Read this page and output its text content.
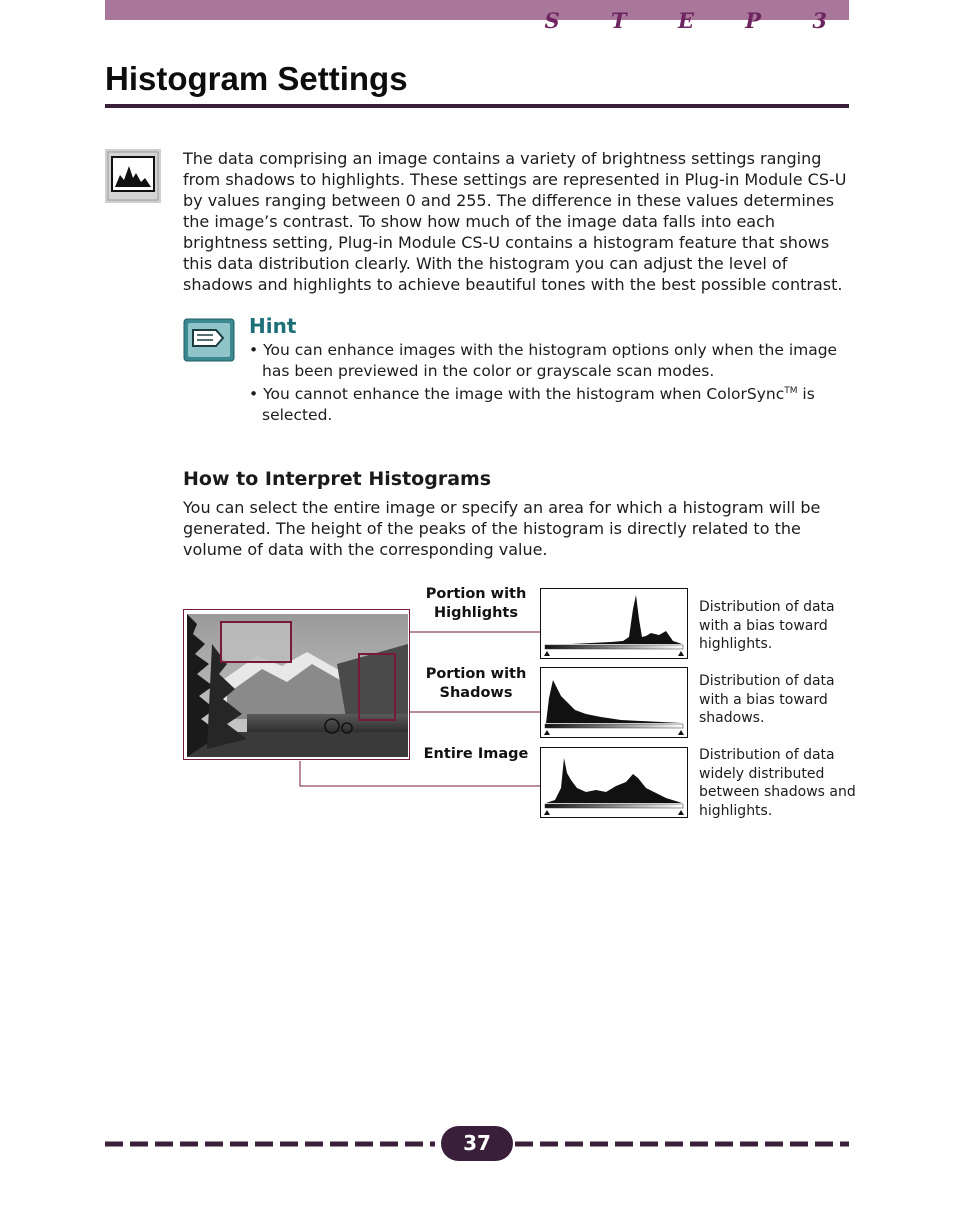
S T E P 3
Histogram Settings
The data comprising an image contains a variety of brightness settings ranging from shadows to highlights. These settings are represented in Plug-in Module CS-U by values ranging between 0 and 255. The difference in these values determines the image’s contrast. To show how much of the image data falls into each brightness setting, Plug-in Module CS-U contains a histogram feature that shows this data distribution clearly. With the histogram you can adjust the level of shadows and highlights to achieve beautiful tones with the best possible contrast.
Hint
• You can enhance images with the histogram options only when the image has been previewed in the color or grayscale scan modes.
• You cannot enhance the image with the histogram when ColorSync™ is selected.
How to Interpret Histograms
You can select the entire image or specify an area for which a histogram will be generated. The height of the peaks of the histogram is directly related to the volume of data with the corresponding value.
Portion with
Highlights	Distribution of data
with a bias toward
highlights.
Portion with
Shadows
Distribution of data
with a bias toward
shadows.
Entire Image	Distribution of data
widely distributed
between shadows and
highlights.
37
